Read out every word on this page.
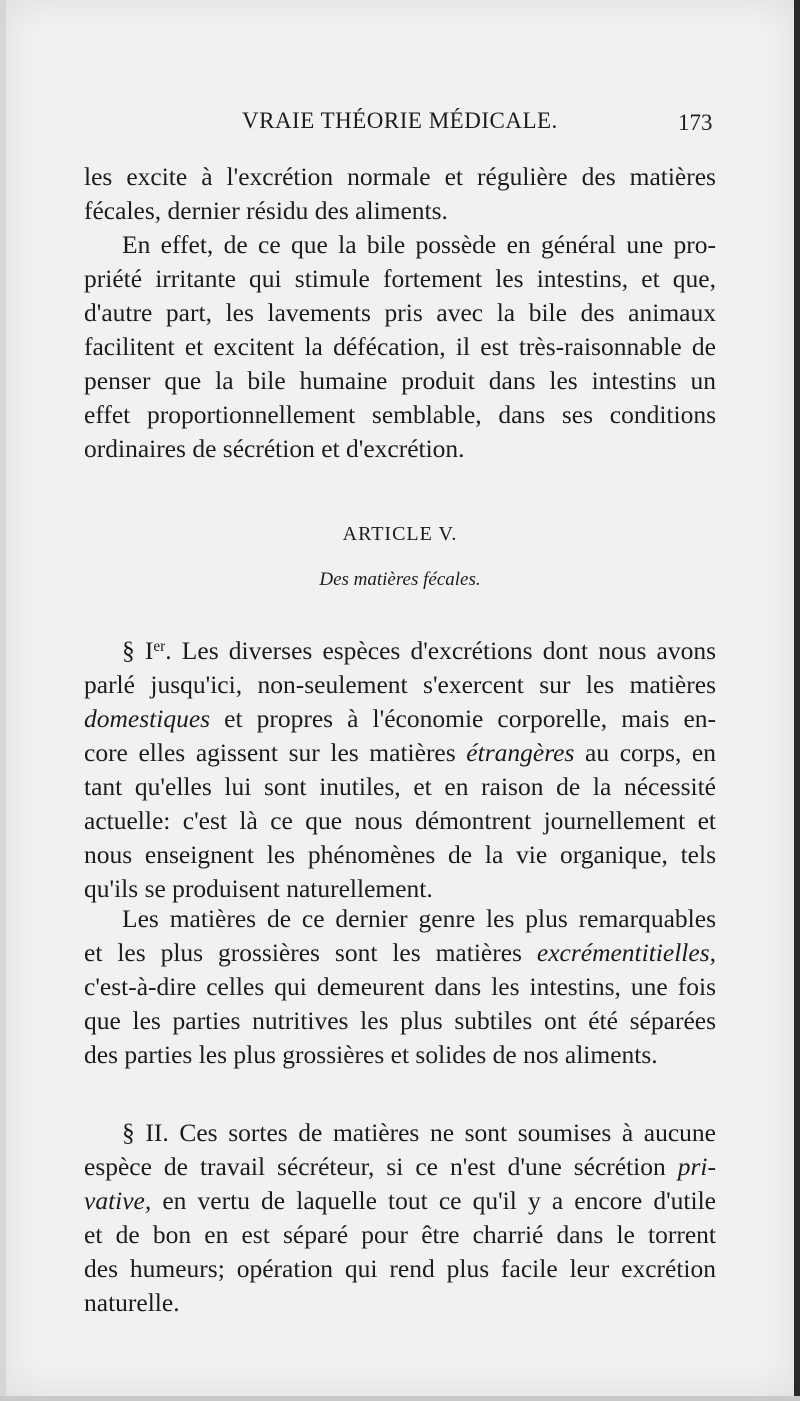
VRAIE THÉORIE MÉDICALE.	173
les excite à l'excrétion normale et régulière des matières
fécales, dernier résidu des aliments.
En effet, de ce que la bile possède en général une pro-
priété irritante qui stimule fortement les intestins, et que,
d'autre part, les lavements pris avec la bile des animaux
facilitent et excitent la défécation, il est très-raisonnable de
penser que la bile humaine produit dans les intestins un
effet proportionnellement semblable, dans ses conditions
ordinaires de sécrétion et d'excrétion.
ARTICLE V.
Des matières fécales.
§ Ier. Les diverses espèces d'excrétions dont nous avons
parlé jusqu'ici, non-seulement s'exercent sur les matières
domestiques et propres à l'économie corporelle, mais en-
core elles agissent sur les matières étrangères au corps, en
tant qu'elles lui sont inutiles, et en raison de la nécessité
actuelle: c'est là ce que nous démontrent journellement et
nous enseignent les phénomènes de la vie organique, tels
qu'ils se produisent naturellement.
Les matières de ce dernier genre les plus remarquables
et les plus grossières sont les matières excrémentitielles,
c'est-à-dire celles qui demeurent dans les intestins, une fois
que les parties nutritives les plus subtiles ont été séparées
des parties les plus grossières et solides de nos aliments.
§ II. Ces sortes de matières ne sont soumises à aucune
espèce de travail sécréteur, si ce n'est d'une sécrétion pri-
vative, en vertu de laquelle tout ce qu'il y a encore d'utile
et de bon en est séparé pour être charrié dans le torrent
des humeurs; opération qui rend plus facile leur excrétion
naturelle.
